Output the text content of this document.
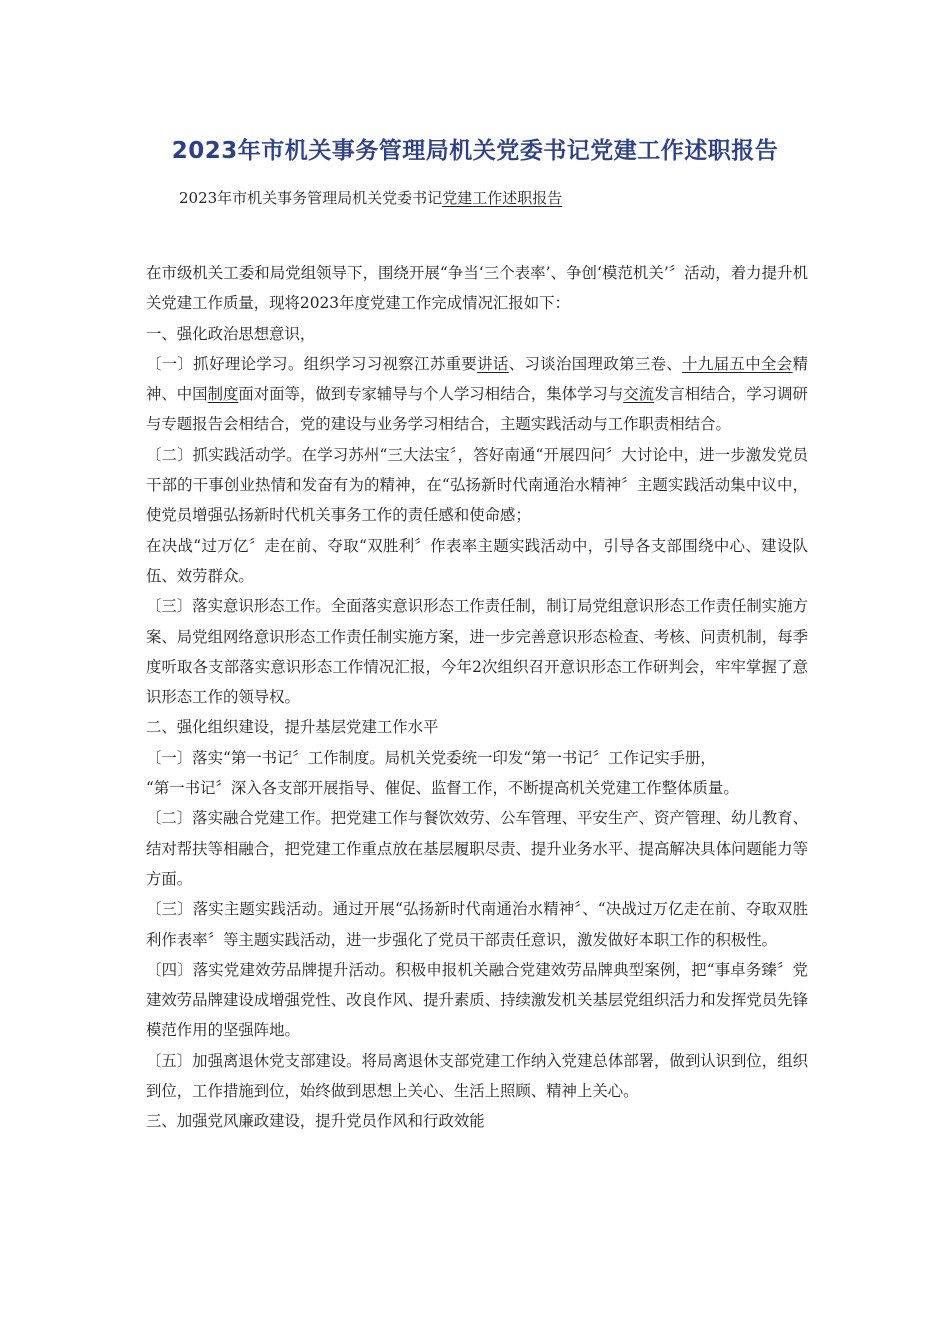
2023年市机关事务管理局机关党委书记党建工作述职报告
2023年市机关事务管理局机关党委书记党建工作述职报告

在市级机关工委和局党组领导下，围绕开展“争当‘三个表率’、争创‘模范机关’〞活动，着力提升机关党建工作质量，现将2023年度党建工作完成情况汇报如下：

一、强化政治思想意识，

〔一〕抓好理论学习。组织学习习视察江苏重要讲话、习谈治国理政第三卷、十九届五中全会精神、中国制度面对面等，做到专家辅导与个人学习相结合，集体学习与交流发言相结合，学习调研与专题报告会相结合，党的建设与业务学习相结合，主题实践活动与工作职责相结合。

〔二〕抓实践活动学。在学习苏州“三大法宝〞，答好南通“开展四问〞大讨论中，进一步激发党员干部的干事创业热情和发奋有为的精神，在“弘扬新时代南通治水精神〞主题实践活动集中议中，使党员增强弘扬新时代机关事务工作的责任感和使命感；

在决战“过万亿〞走在前、夺取“双胜利〞作表率主题实践活动中，引导各支部围绕中心、建设队伍、效劳群众。

〔三〕落实意识形态工作。全面落实意识形态工作责任制，制订局党组意识形态工作责任制实施方案、局党组网络意识形态工作责任制实施方案，进一步完善意识形态检查、考核、问责机制，每季度听取各支部落实意识形态工作情况汇报，今年2次组织召开意识形态工作研判会，牢牢掌握了意识形态工作的领导权。

二、强化组织建设，提升基层党建工作水平

〔一〕落实“第一书记〞工作制度。局机关党委统一印发“第一书记〞工作记实手册，

“第一书记〞深入各支部开展指导、催促、监督工作，不断提高机关党建工作整体质量。

〔二〕落实融合党建工作。把党建工作与餐饮效劳、公车管理、平安生产、资产管理、幼儿教育、结对帮扶等相融合，把党建工作重点放在基层履职尽责、提升业务水平、提高解决具体问题能力等方面。

〔三〕落实主题实践活动。通过开展“弘扬新时代南通治水精神〞、“决战过万亿走在前、夺取双胜利作表率〞等主题实践活动，进一步强化了党员干部责任意识，激发做好本职工作的积极性。

〔四〕落实党建效劳品牌提升活动。积极申报机关融合党建效劳品牌典型案例，把“事卓务臻〞党建效劳品牌建设成增强党性、改良作风、提升素质、持续激发机关基层党组织活力和发挥党员先锋模范作用的坚强阵地。

〔五〕加强离退休党支部建设。将局离退休支部党建工作纳入党建总体部署，做到认识到位，组织到位，工作措施到位，始终做到思想上关心、生活上照顾、精神上关心。

三、加强党风廉政建设，提升党员作风和行政效能
